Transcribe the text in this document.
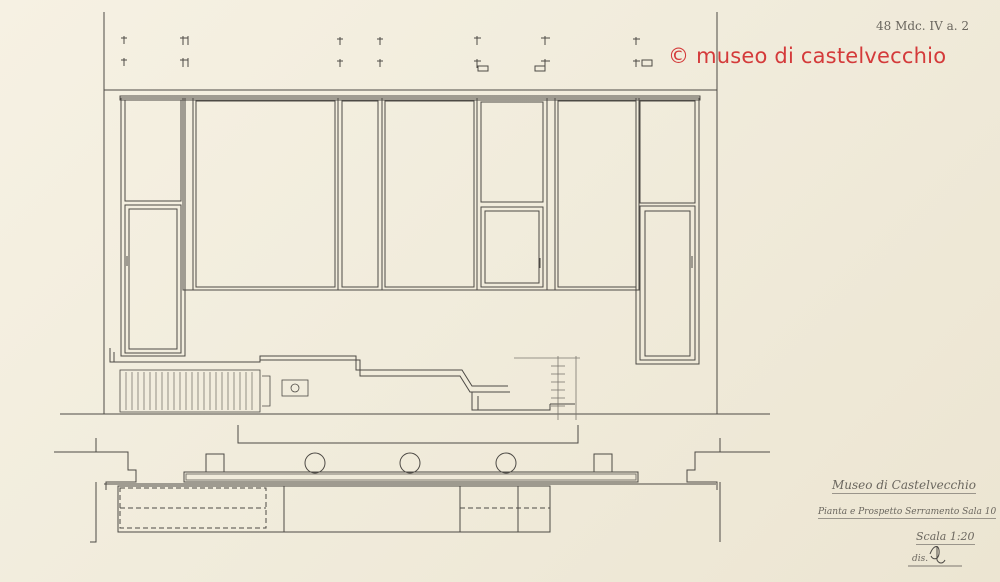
48 Mdc. IV a. 2
© museo di castelvecchio
Museo di Castelvecchio
Pianta e Prospetto Serramento Sala 10
Scala 1:20
dis.
